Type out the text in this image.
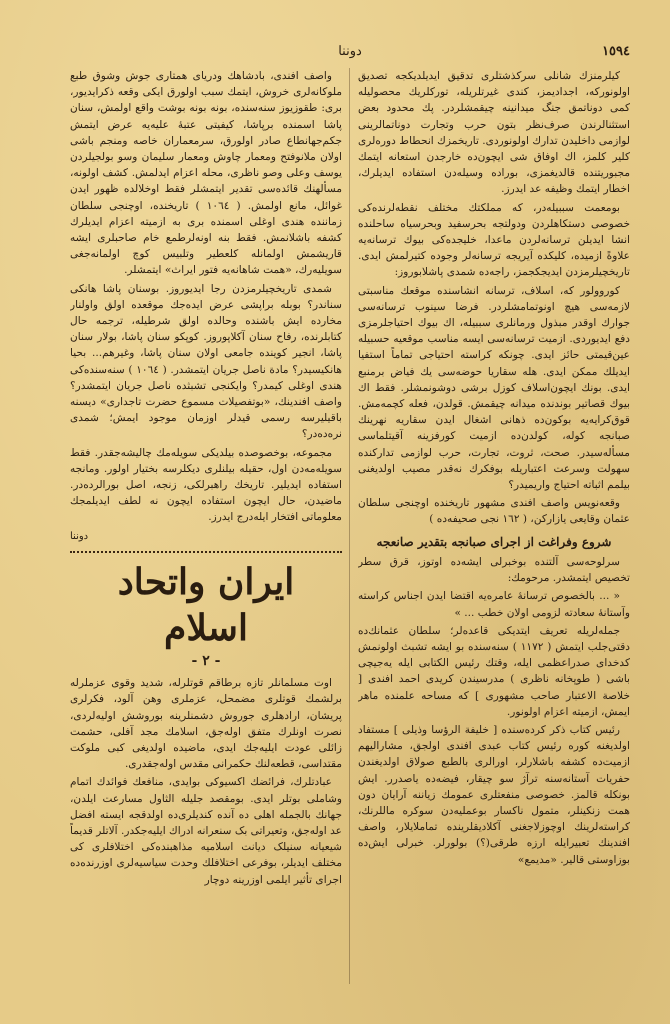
١٥٩٤
دوننا

کیلرمنزك شانلی سرکذشتلری تدقیق ایدیلدیکجه تصدیق اولونورکه، اجدادیمز، کندی غیرتلریله، تورکلریك محصولیله کمی دوناتمق جنگ میدانینه چیقمشلردر. پك محدود بعض استثنالرندن صرف‌نظر بتون حرب وتجارت دوناتمالرینی لوازمی داخلیدن تدارك اولونوردی. تاریخمزك انحطاط دوره‌لری کلیر کلمز، اك اوفاق شی ایچون‌ده خارجدن استعانه ایتمك مجبوریتنده قالدیغمزی، بوراده وسیله‌دن استفاده ایدیلرك، اخطار ایتمك وظیفه عد ایدرز.

بومعمت سببیله‌در، که مملکتك مختلف نقطه‌لرنده‌کی خصوصی دستکاهلردن ودولتجه بحرسفید وبحرسیاه ساحلنده انشا ایدیلن ترسانه‌لردن ماعدا، خلیجده‌کی بیوك ترسانه‌یه علاوةً ازمیده، کلیکده آیریجه ترسانه‌لر وجوده کتیرلمش ایدی. تاریخچیلرمزدن ایدیجکجمز، راجه‌ده شمدی پاشلابوروز:

کوروولور که، اسلاف، ترسانه انشاسنده موقعك مناسبتی لازمه‌سی هیچ اونوتمامشلردر. فرضا سینوب ترسانه‌سی جوارك اوقدر مبذول ورمانلری سببیله، اك بیوك احتیاجلرمزی دفع ایدیوردی. ازمیت ترسانه‌سی ایسه مناسب موقعیه حسبیله عین‌قیمتی حائز ایدی. چونکه کراسته احتیاجی تماماً استفیا ایدیلك ممکن ایدی. هله سقاریا حوضه‌سی یك فیاض برمنبع ایدی. بونك ایچون‌اسلاف کوزل برشی دوشونمشلر. فقط اك بیوك قصاتیر بوندنده میدانه چیقمش. قولدن، فعله کچمه‌مش. قوق‌کرایه‌یه بوکون‌ده ذهانی اشغال ایدن سقاریه نهرینك صبانجه کوله، کولدن‌ده ازمیت کورفزینه آقیتلماسی مسأله‌سیدر. صحت، ثروت، تجارت، حرب لوازمی تدارکنده سهولت وسرعت اعتباریله بوفکرك نه‌قدر مصیب اولدیغنی بیلمم اثباته احتیاج واریمیدر؟

وقعه‌نویس واصف افندی مشهور تاریخنده اوچنجی سلطان عثمان وقایعی یازارکن، ( ١٦٢ نجی صحیفه‌ده )

شروع وفراغت از اجرای صبانجه بتقدیر صانعجه

سرلوحه‌سی آلتنده بوخبرلی ایشه‌ده اوتوز، قرق سطر تخصیص ایتمشدر. مرحومك:

« ... بالخصوص ترسانۀ عامره‌یه اقتضا ایدن اجناس کراسته وآستانۀ سعادته لزومی اولان خطب ... »

جمله‌لریله تعریف ایتدیکی قاعده‌لر؛ سلطان عثمانك‌ده دقتی‌جلب ایتمش ( ١١٧٢ ) سنه‌سنده بو ایشه تشبث اولونمش کدخدای صدراعظمی ایله، وقتك رئیس الکتابی ایله یه‌جیچی باشی ( طوپخانه ناظری ) مدرسیندن کریدی احمد افندی [ خلاصة الاعتبار صاحب مشهوری ] که مساحه علمنده ماهر ایمش، ازمیته اعزام اولونور.

رئیس کتاب ذکر کرده‌سنده [ خلیفة الرؤسا وذیلی ] مستفاد اولدیغنه کوره رئیس کتاب عبدی افندی اولجق، مشارالیهم ازمیت‌ده کشفه باشلارلر، اورالری بالطبع صولاق اولدیغندن حفریات آستانه‌سنه ترآژ سو چیقار، فیضه‌ده یاصدرر. ایش بونکله قالمز. خصوصی منفعتلری عمومك زیاننه آرایان دون همت زنکینلر، متمول نا‌کسار بوعملیه‌دن سوکره ماللرنك، کراسته‌لرینك اوچوزلاجغنی آکلادیقلرینده تماملایلار، واصف افندینك تعبیرایله ارزه طرقی(؟) بولورلر. خبرلی ایش‌ده بوزاوستی قالیر. «مدیمع»

واصف افندی، بادشاهك ودریای همتاری جوش وشوق طبع ملوکانه‌لری خروش، ایتمك سبب اولورق ایکی وقعه ذکرایدیور، بری: طقوزیوز سنه‌سنده، بونه بونه بوشت واقع اولمش، سنان پاشا اسمنده برپاشا، کیفیتی عتبۀ علیه‌یه عرض ایتمش جکم‌جهانطاع صادر اولورق، سرمعماران خاصه ومنجم باشی اولان ملانوفتح ومعمار چاوش ومعمار سلیمان وسو بولجیلردن یوسف وعلی وصو ناظری، محله اعزام ایدلمش. کشف اولونه، مسألهنك قائده‌سی تقدیر ایتمشلر فقط اوخلالده ظهور ایدن غوائل، مانع اولمش. ( ١٠٦٤ ) تاریخنده، اوچنجی سلطان زماننده هندی اوغلی اسمنده بری به ازمیته اعزام ایدیلرك کشفه باشلانمش. فقط بنه اونه‌لرطمع خام صاحبلری ایشه قاریشمش اولمانله کلعطیر وتلبیس کوچ اولمانه‌جغی سویلیه‌رك، «همت شاهانه‌یه فتور ایراث» ایتمشلر.

شمدی تاریخچیلرمزدن رجا ایدیوروز. بوسنان پاشا هانکی سناندر؟ بوبله براپشی عرض ایده‌جك موقعده اولق واولنار مخارده ایش باشنده وحالده اولق شرطیله، ترجمه حال کتابلرنده، رفاح سنان آکلاپوروز. کوپکو سنان پاشا، بولار سنان پاشا، انجیر کوینده جامعی اولان سنان پاشا، وغیرهم... بحیا هانکیسیدر؟ مادة ناصل جریان ایتمشدر. ( ١٠٦٤ ) سنه‌سنده‌کی هندی اوغلی کیمدر؟ وایکنجی تشبثده ناصل جریان ایتمشدر؟ واصف افندینك، «بوتفصیلات مسموع حضرت تاجداری» دیسنه باقیلیرسه رسمی قیدلر اوزمان موجود ایمش؛ شمدی نره‌ده‌در؟

مجموعه، بوخصوصده بیلدیکی سویله‌مك چالیشه‌جقدر. فقط سویله‌مه‌دن اول، حقیله بیلنلری دیکلرسه بختیار اولور. ومانجه استفاده ایدیلیر. تاریخك راهبرلکی، زنجه، اصل بورالرده‌در. ماضیدن، حال ایچون استفاده ایچون نه لطف ایدیلمجك معلوماتی افتخار ایله‌درج ایدرز.

دوننا
ایران واتحاد اسلام
- ٢ -

اوت مسلمانلر تازه برطاقم قوتلرله، شدید وقوی عزملرله برلشمك قوتلری مضمحل، عزملری وهن آلود، فکرلری پریشان، ارادهلری جوروش دشمنلرینه بوروشش اولیه‌لردی، نصرت اونلرك متفق اوله‌جق، اسلامك مجد آفلی، حشمت زائلی عودت ایلیه‌جك ایدی، ماضیده اولدیغی کبی ملوکت مقتداسی، قطعه‌لنك حکمرانی مقدس اوله‌جقدری.

عبادتلرك، فرائضك اکسیوکی بوایدی، منافعك فوائدك اتمام وشاملی بوتلر ایدی. بومقصد جلیله الثاول مسارعت ایلدن، جهانك بالجمله اهلی ده آنده کندیلری‌ده اولدقجه ایسته افضل عد اوله‌جق، وتعیراتی بک سنعرانه ادراك ایلیه‌جکدر. آلاتلر قدیماً شیعیانه سنیلک دیانت اسلامیه مذاهبنده‌کی اختلافلری کی مختلف ایدیلر، بوفرعی اختلافلك وحدت سیاسیه‌لری اوزرنده‌ده اجرای تأثیر ایلمی اوزرینه دوچار
